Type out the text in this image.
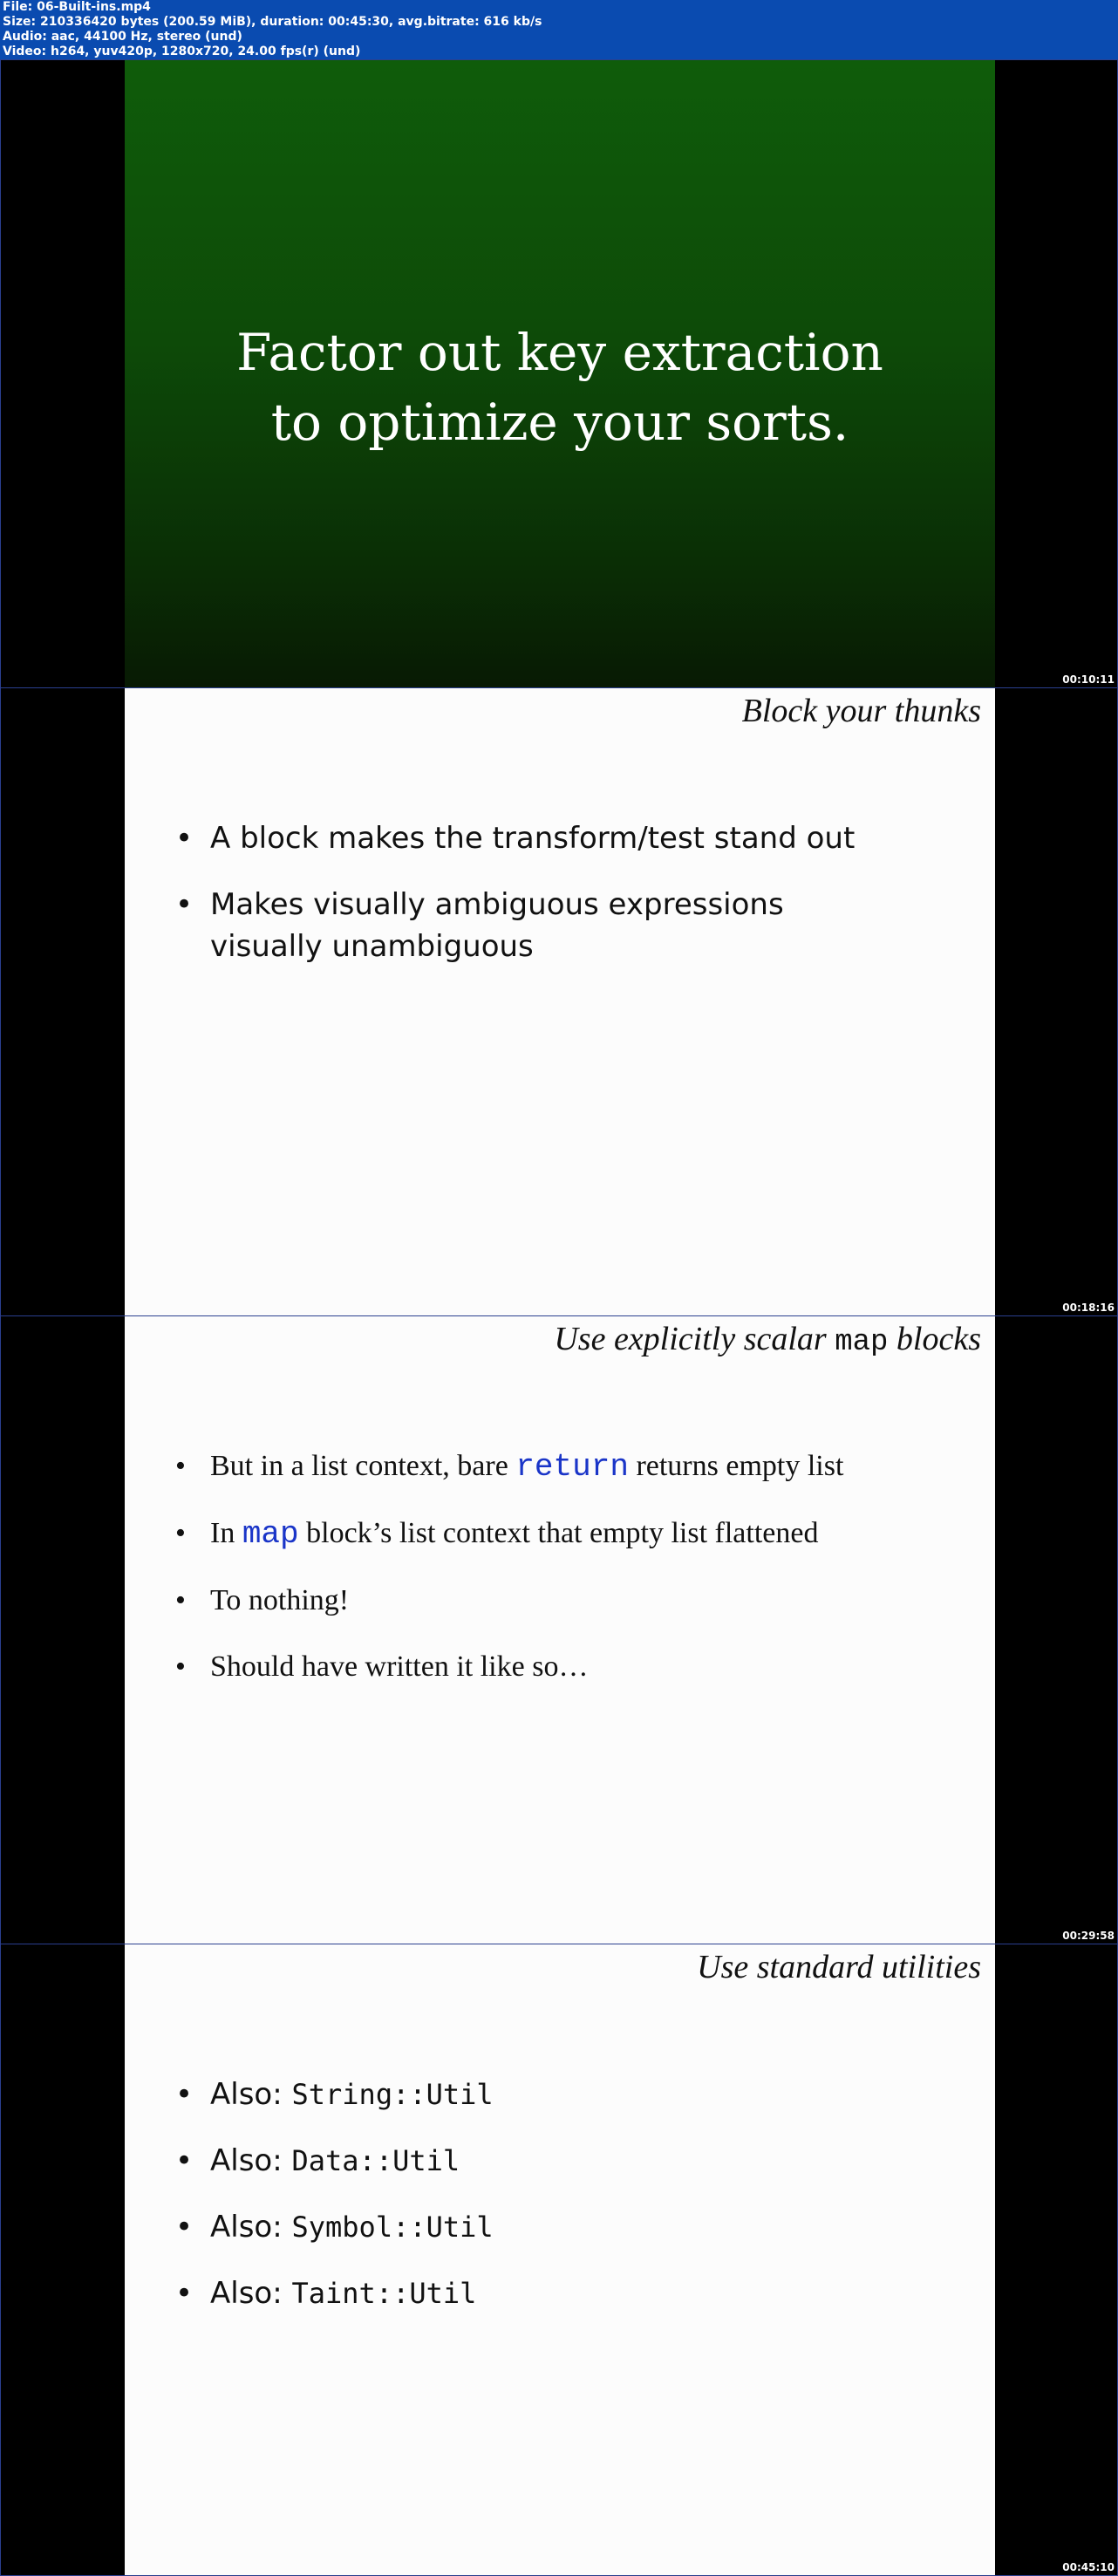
File: 06-Built-ins.mp4
Size: 210336420 bytes (200.59 MiB), duration: 00:45:30, avg.bitrate: 616 kb/s
Audio: aac, 44100 Hz, stereo (und)
Video: h264, yuv420p, 1280x720, 24.00 fps(r) (und)
Factor out key extraction
to optimize your sorts.
00:10:11
Block your thunks
• A block makes the transform/test stand out
• Makes visually ambiguous expressions
visually unambiguous
00:18:16
Use explicitly scalar map blocks
• But in a list context, bare return returns empty list
• In map block’s list context that empty list flattened
• To nothing!
• Should have written it like so…
00:29:58
Use standard utilities
• Also: String::Util
• Also: Data::Util
• Also: Symbol::Util
• Also: Taint::Util
00:45:10
